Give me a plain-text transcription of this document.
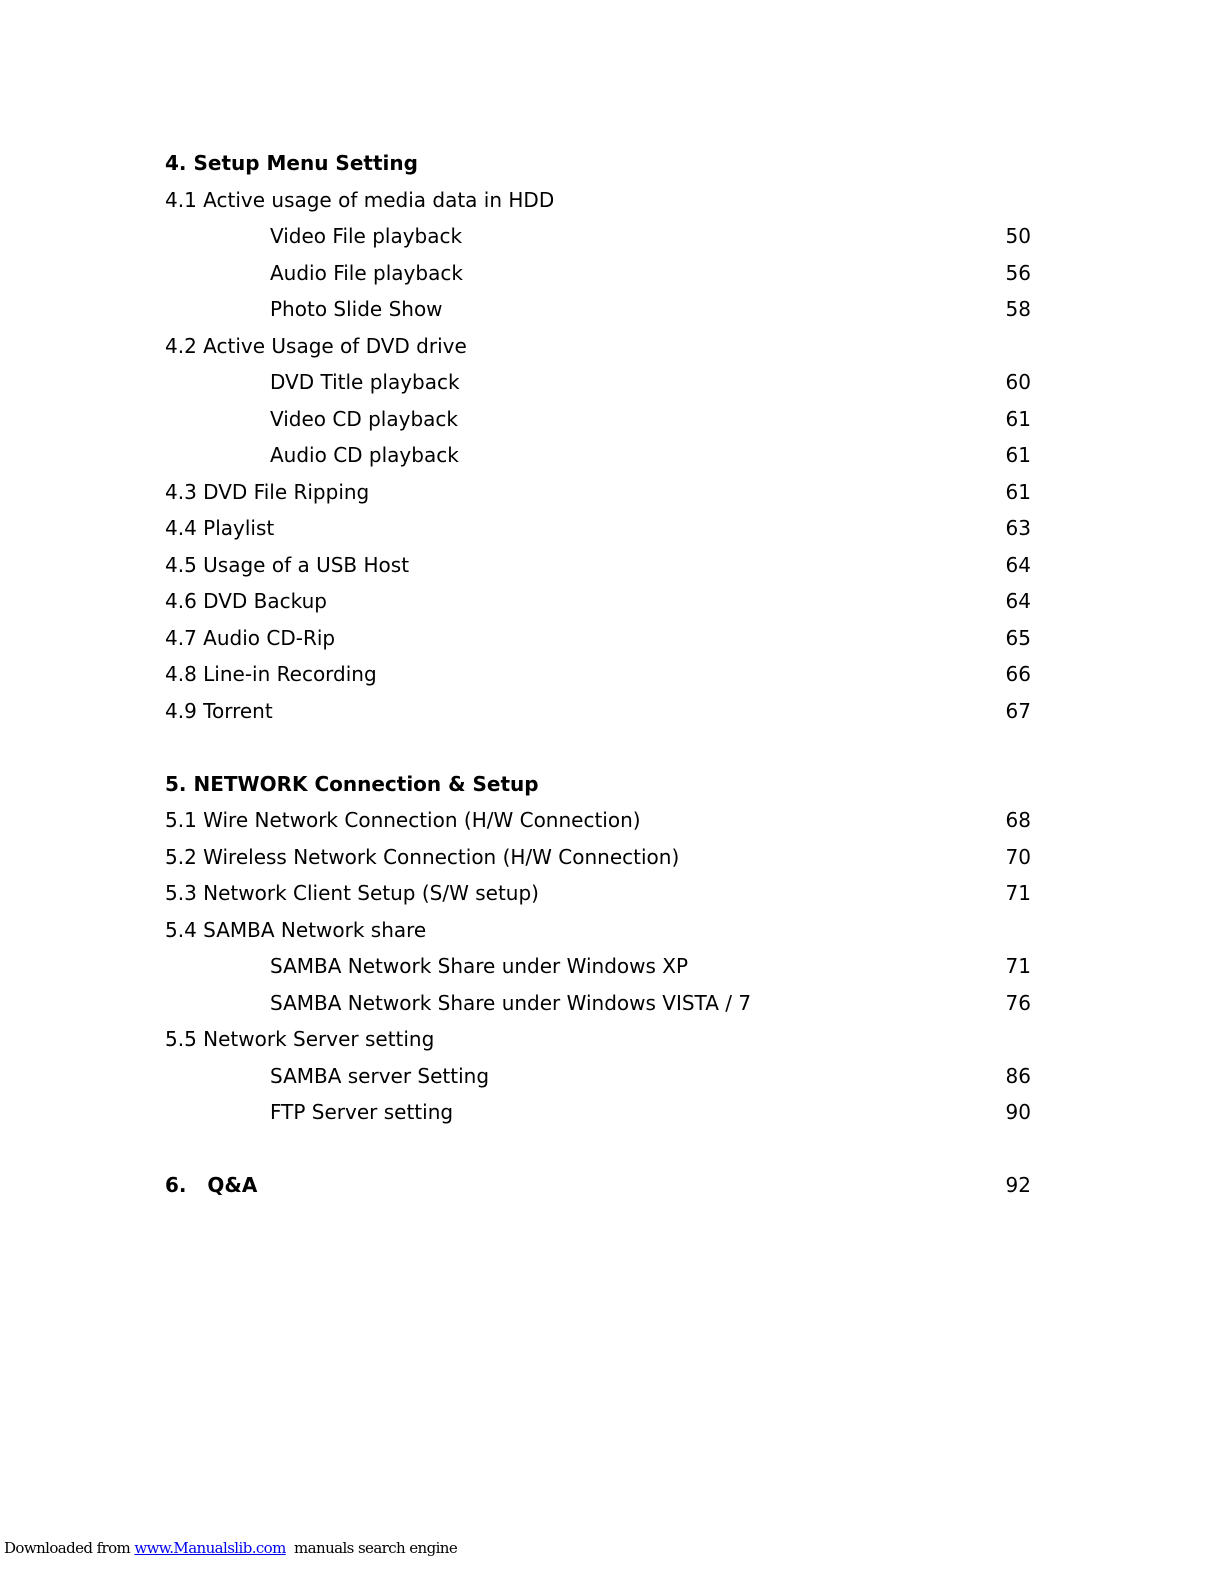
4. Setup Menu Setting
4.1 Active usage of media data in HDD
Video File playback	50
Audio File playback	56
Photo Slide Show	58
4.2 Active Usage of DVD drive
DVD Title playback	60
Video CD playback	61
Audio CD playback	61
4.3 DVD File Ripping	61
4.4 Playlist	63
4.5 Usage of a USB Host	64
4.6 DVD Backup	64
4.7 Audio CD-Rip	65
4.8 Line-in Recording	66
4.9 Torrent	67
5. NETWORK Connection & Setup
5.1 Wire Network Connection (H/W Connection)	68
5.2 Wireless Network Connection (H/W Connection)	70
5.3 Network Client Setup (S/W setup)	71
5.4 SAMBA Network share
SAMBA Network Share under Windows XP	71
SAMBA Network Share under Windows VISTA / 7	76
5.5 Network Server setting
SAMBA server Setting	86
FTP Server setting	90
6.   Q&A	92
Downloaded from www.Manualslib.com  manuals search engine
